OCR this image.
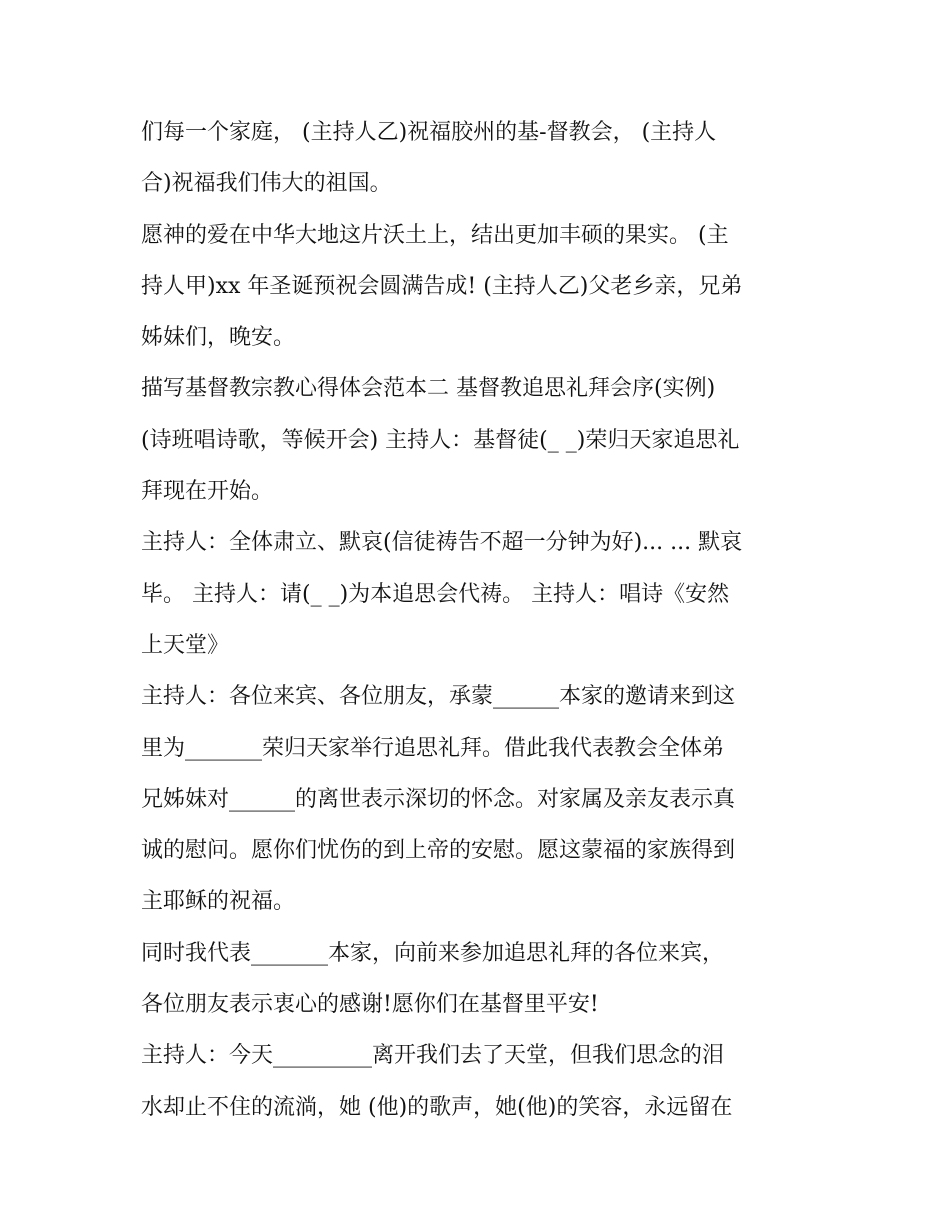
们每一个家庭， (主持人乙)祝福胶州的基-督教会， (主持人
合)祝福我们伟大的祖国。
愿神的爱在中华大地这片沃土上，结出更加丰硕的果实。 (主
持人甲)xx 年圣诞预祝会圆满告成! (主持人乙)父老乡亲，兄弟
姊妹们，晚安。
描写基督教宗教心得体会范本二 基督教追思礼拜会序(实例)
(诗班唱诗歌，等候开会) 主持人：基督徒(_ _)荣归天家追思礼
拜现在开始。
主持人：全体肃立、默哀(信徒祷告不超一分钟为好)... ... 默哀
毕。 主持人：请(_ _)为本追思会代祷。 主持人：唱诗《安然
上天堂》
主持人：各位来宾、各位朋友，承蒙______本家的邀请来到这
里为_______荣归天家举行追思礼拜。借此我代表教会全体弟
兄姊妹对______的离世表示深切的怀念。对家属及亲友表示真
诚的慰问。愿你们忧伤的到上帝的安慰。愿这蒙福的家族得到
主耶稣的祝福。
同时我代表_______本家，向前来参加追思礼拜的各位来宾，
各位朋友表示衷心的感谢!愿你们在基督里平安!
主持人：今天_________离开我们去了天堂，但我们思念的泪
水却止不住的流淌，她 (他)的歌声，她(他)的笑容，永远留在
